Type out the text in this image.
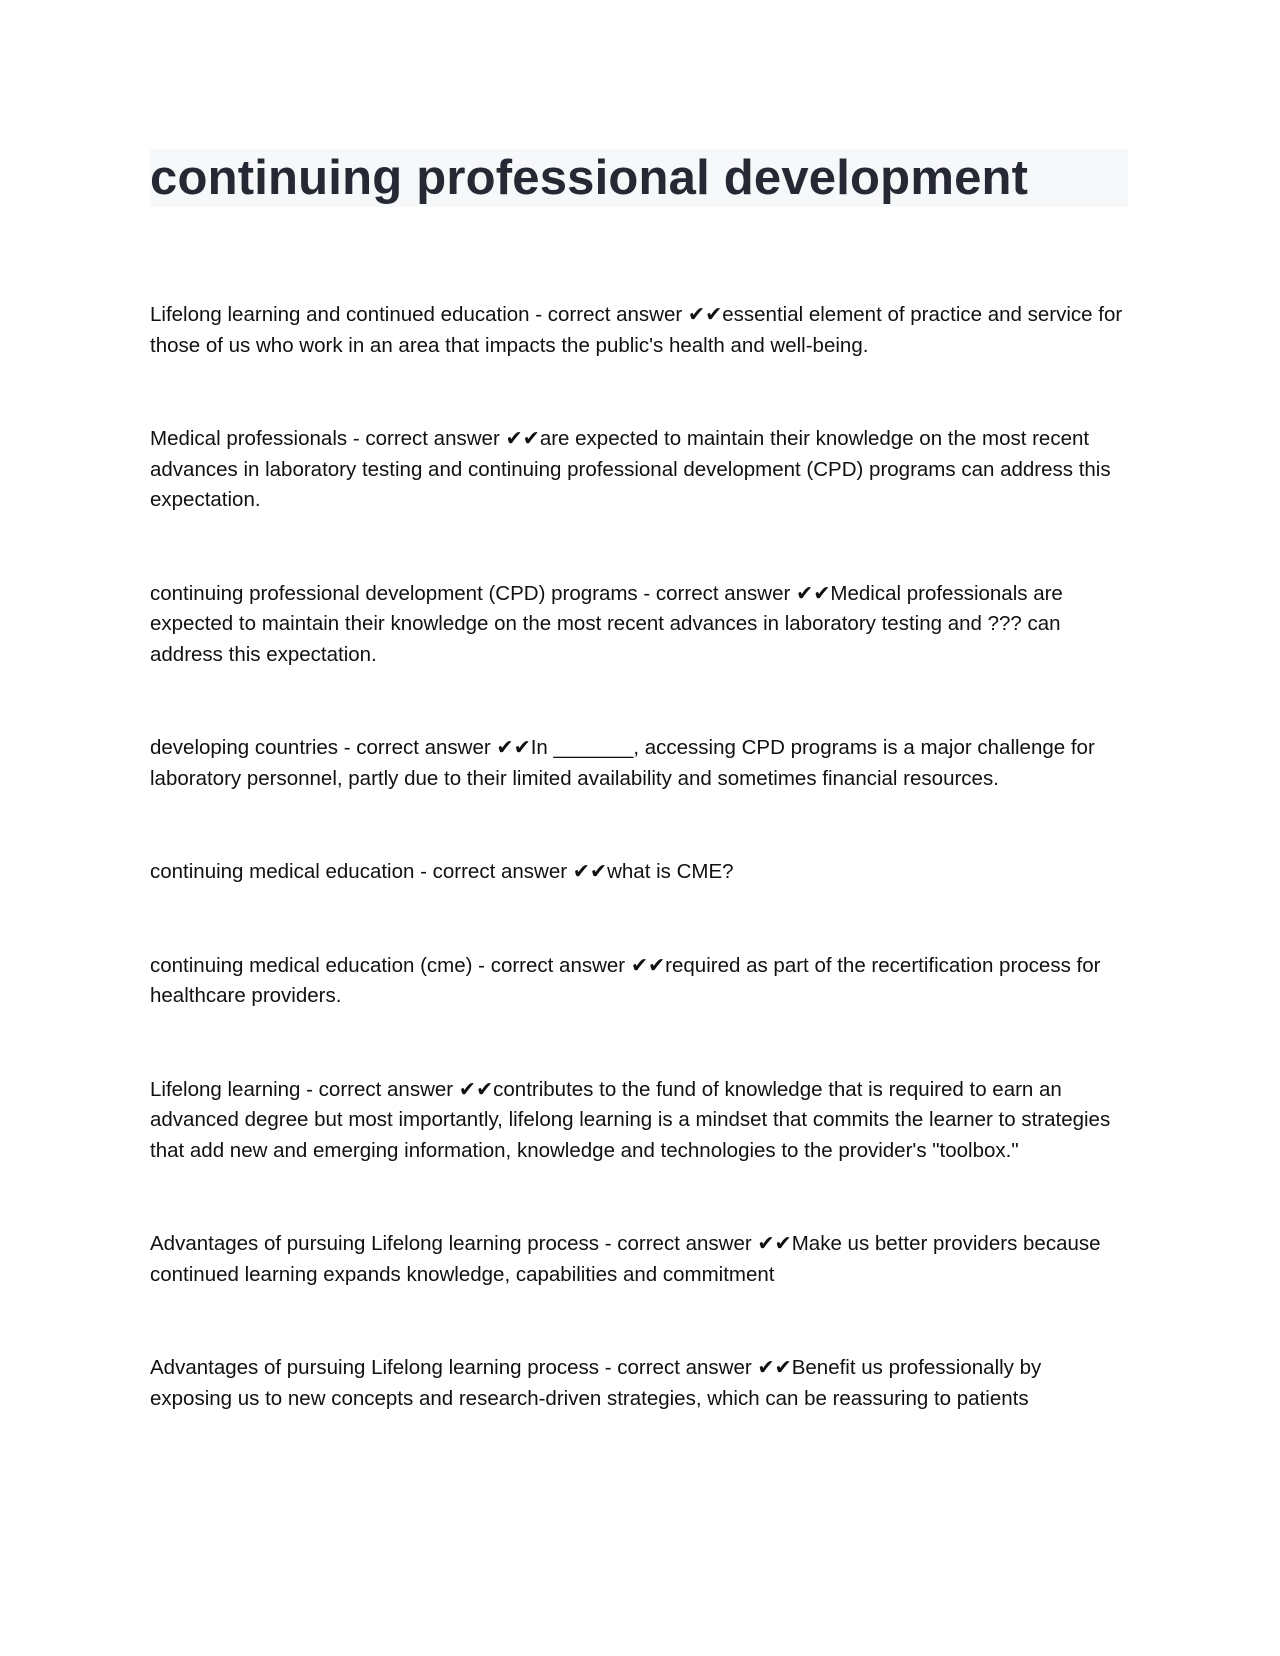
continuing professional development

Lifelong learning and continued education - correct answer ✔✔essential element of practice and service for those of us who work in an area that impacts the public's health and well-being.

Medical professionals - correct answer ✔✔are expected to maintain their knowledge on the most recent advances in laboratory testing and continuing professional development (CPD) programs can address this expectation.

continuing professional development (CPD) programs - correct answer ✔✔Medical professionals are expected to maintain their knowledge on the most recent advances in laboratory testing and ??? can address this expectation.

developing countries - correct answer ✔✔In _______, accessing CPD programs is a major challenge for laboratory personnel, partly due to their limited availability and sometimes financial resources.

continuing medical education - correct answer ✔✔what is CME?

continuing medical education (cme) - correct answer ✔✔required as part of the recertification process for healthcare providers.

Lifelong learning - correct answer ✔✔contributes to the fund of knowledge that is required to earn an advanced degree but most importantly, lifelong learning is a mindset that commits the learner to strategies that add new and emerging information, knowledge and technologies to the provider's "toolbox."

Advantages of pursuing Lifelong learning process - correct answer ✔✔Make us better providers because continued learning expands knowledge, capabilities and commitment

Advantages of pursuing Lifelong learning process - correct answer ✔✔Benefit us professionally by exposing us to new concepts and research-driven strategies, which can be reassuring to patients
